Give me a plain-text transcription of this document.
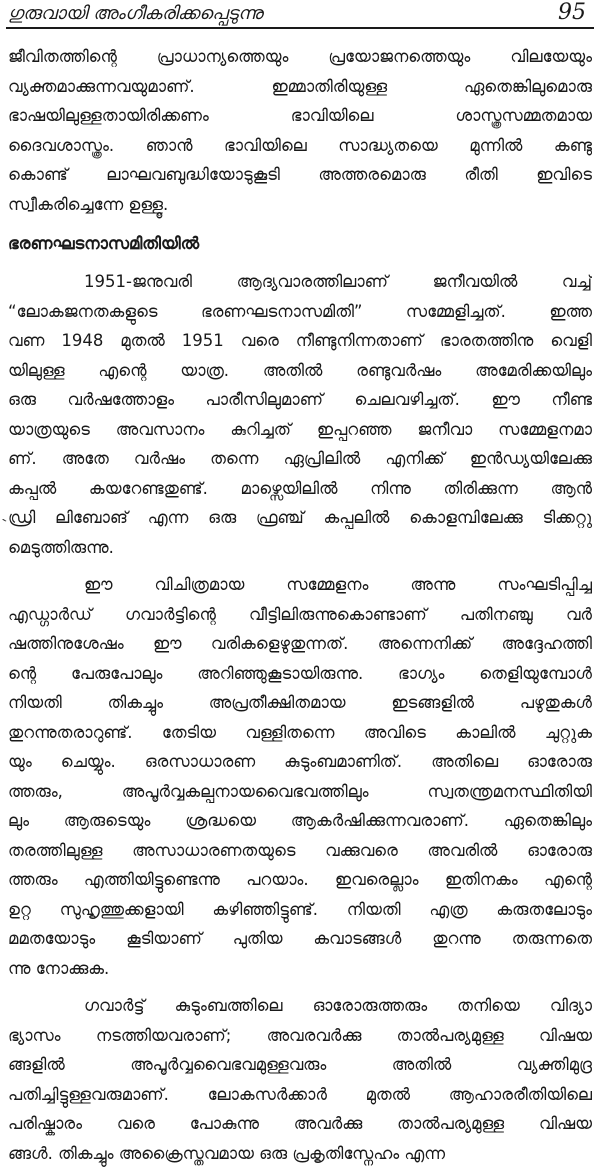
ഗുരുവായി അംഗീകരിക്കപ്പെടുന്നു	95
`
ജീവിതത്തിന്റെ പ്രാധാന്യത്തെയും പ്രയോജനത്തെയും വിലയേയും
വ്യക്തമാക്കുന്നവയുമാണ്. ഇമ്മാതിരിയുള്ള ഏതെങ്കിലുമൊരു
ഭാഷയിലുള്ളതായിരിക്കണം ഭാവിയിലെ ശാസ്ത്രസമ്മതമായ
ദൈവശാസ്ത്രം. ഞാൻ ഭാവിയിലെ സാദ്ധ്യതയെ മുന്നിൽ കണ്ടു
കൊണ്ട് ലാഘവബുദ്ധിയോടുകൂടി അത്തരമൊരു രീതി ഇവിടെ
സ്വീകരിച്ചെന്നേ ഉള്ളൂ.
ഭരണഘടനാസമിതിയിൽ
1951-ജനുവരി ആദ്യവാരത്തിലാണ് ജനീവയിൽ വച്ച്
“ലോകജനതകളുടെ ഭരണഘടനാസമിതി” സമ്മേളിച്ചത്. ഇത്ത
വണ 1948 മുതൽ 1951 വരെ നീണ്ടുനിന്നതാണ് ഭാരതത്തിനു വെളി
യിലുള്ള എന്റെ യാത്ര. അതിൽ രണ്ടുവർഷം അമേരിക്കയിലും
ഒരു വർഷത്തോളം പാരീസിലുമാണ് ചെലവഴിച്ചത്. ഈ നീണ്ട
യാത്രയുടെ അവസാനം കുറിച്ചത് ഇപ്പറഞ്ഞ ജനീവാ സമ്മേളനമാ
ണ്. അതേ വർഷം തന്നെ ഏപ്രിലിൽ എനിക്ക് ഇൻഡ്യയിലേക്കു
കപ്പൽ കയറേണ്ടതുണ്ട്. മാഴ്സെയിലിൽ നിന്നു തിരിക്കുന്ന ആൻ
ഡ്രി ലിബോങ് എന്ന ഒരു ഫ്രഞ്ച് കപ്പലിൽ കൊളമ്പിലേക്കു ടിക്കറ്റു
മെടുത്തിരുന്നു.
ഈ വിചിത്രമായ സമ്മേളനം അന്നു സംഘടിപ്പിച്ച
എഡ്ഗാർഡ് ഗവാർട്ടിന്റെ വീട്ടിലിരുന്നുകൊണ്ടാണ് പതിനഞ്ചു വർ
ഷത്തിനുശേഷം ഈ വരികളെഴുതുന്നത്. അന്നെനിക്ക് അദ്ദേഹത്തി
ന്റെ പേരുപോലും അറിഞ്ഞുകൂടായിരുന്നു. ഭാഗ്യം തെളിയുമ്പോൾ
നിയതി തികച്ചും അപ്രതീക്ഷിതമായ ഇടങ്ങളിൽ പഴുതുകൾ
തുറന്നുതരാറുണ്ട്. തേടിയ വള്ളിതന്നെ അവിടെ കാലിൽ ചുറ്റുക
യും ചെയ്യും. ഒരസാധാരണ കുടുംബമാണിത്. അതിലെ ഓരോരു
ത്തരും, അപൂർവ്വകല്പനായവൈഭവത്തിലും സ്വതന്ത്രമനസ്ഥിതിയി
ലും ആരുടെയും ശ്രദ്ധയെ ആകർഷിക്കുന്നവരാണ്. ഏതെങ്കിലും
തരത്തിലുള്ള അസാധാരണതയുടെ വക്കുവരെ അവരിൽ ഓരോരു
ത്തരും എത്തിയിട്ടുണ്ടെന്നു പറയാം. ഇവരെല്ലാം ഇതിനകം എന്റെ
ഉറ്റ സുഹൃത്തുക്കളായി കഴിഞ്ഞിട്ടുണ്ട്. നിയതി എത്ര കരുതലോടും
മമതയോടും കൂടിയാണ് പുതിയ കവാടങ്ങൾ തുറന്നു തരുന്നതെ
ന്നു നോക്കുക.
ഗവാർട്ട് കുടുംബത്തിലെ ഓരോരുത്തരും തനിയെ വിദ്യാ
ഭ്യാസം നടത്തിയവരാണ്; അവരവർക്കു താൽപര്യമുള്ള വിഷയ
ങ്ങളിൽ അപൂർവ്വവൈഭവമുള്ളവരും അതിൽ വ്യക്തിമുദ്ര
പതിച്ചിട്ടുള്ളവരുമാണ്. ലോകസർക്കാർ മുതൽ ആഹാരരീതിയിലെ
പരിഷ്കാരം വരെ പോകുന്നു അവർക്കു താൽപര്യമുള്ള വിഷയ
ങ്ങൾ. തികച്ചും അക്രൈസ്തവമായ ഒരു പ്രകൃതിസ്നേഹം എന്ന
